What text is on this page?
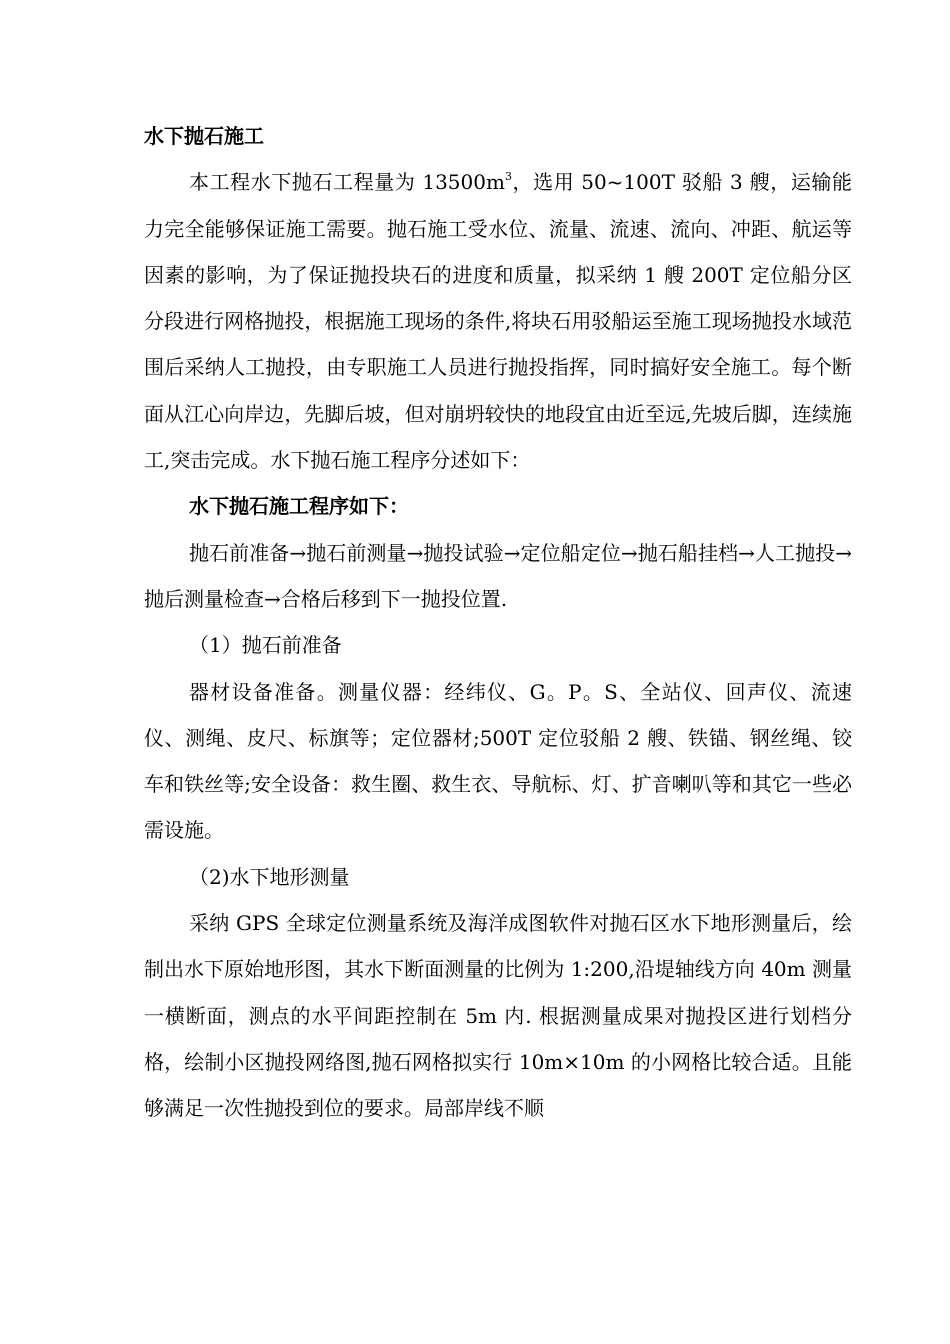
水下抛石施工

本工程水下抛石工程量为 $13500m^3$，选用 50~100T 驳船 3 艘，运输能力完全能够保证施工需要。抛石施工受水位、流量、流速、流向、冲距、航运等因素的影响，为了保证抛投块石的进度和质量，拟采纳 1 艘 200T 定位船分区分段进行网格抛投，根据施工现场的条件,将块石用驳船运至施工现场抛投水域范围后采纳人工抛投，由专职施工人员进行抛投指挥，同时搞好安全施工。每个断面从江心向岸边，先脚后坡，但对崩坍较快的地段宜由近至远,先坡后脚，连续施工,突击完成。水下抛石施工程序分述如下：

水下抛石施工程序如下：

抛石前准备→抛石前测量→抛投试验→定位船定位→抛石船挂档→人工抛投→抛后测量检查→合格后移到下一抛投位置.

（1）抛石前准备

器材设备准备。测量仪器：经纬仪、G。P。S、全站仪、回声仪、流速仪、测绳、皮尺、标旗等；定位器材;500T 定位驳船 2 艘、铁锚、钢丝绳、铰车和铁丝等;安全设备：救生圈、救生衣、导航标、灯、扩音喇叭等和其它一些必需设施。

（2)水下地形测量

采纳 GPS 全球定位测量系统及海洋成图软件对抛石区水下地形测量后，绘制出水下原始地形图，其水下断面测量的比例为 1:200,沿堤轴线方向 40m 测量一横断面，测点的水平间距控制在 5m 内. 根据测量成果对抛投区进行划档分格，绘制小区抛投网络图,抛石网格拟实行 10m×10m 的小网格比较合适。且能够满足一次性抛投到位的要求。局部岸线不顺
